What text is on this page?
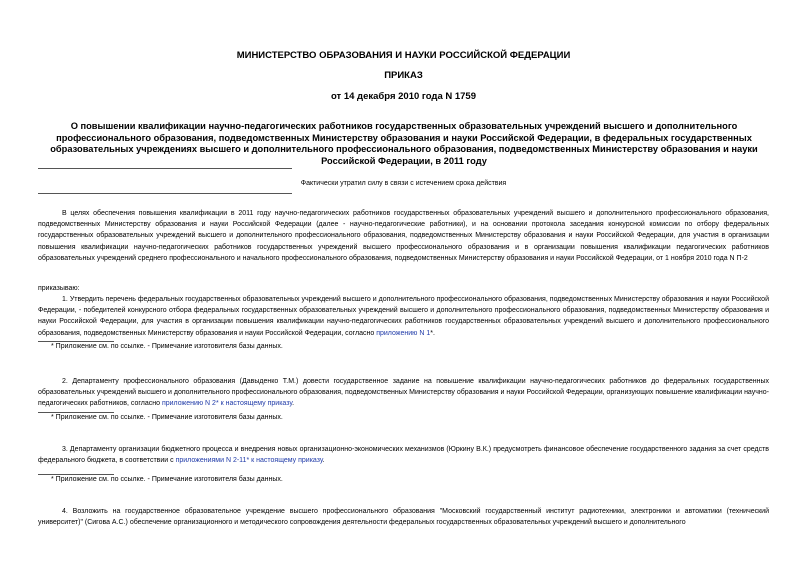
МИНИСТЕРСТВО ОБРАЗОВАНИЯ И НАУКИ РОССИЙСКОЙ ФЕДЕРАЦИИ
ПРИКАЗ
от 14 декабря 2010 года N 1759
О повышении квалификации научно-педагогических работников государственных образовательных учреждений высшего и дополнительного профессионального образования, подведомственных Министерству образования и науки Российской Федерации, в федеральных государственных образовательных учреждениях высшего и дополнительного профессионального образования, подведомственных Министерству образования и науки Российской Федерации, в 2011 году
Фактически утратил силу в связи с истечением срока действия
В целях обеспечения повышения квалификации в 2011 году научно-педагогических работников государственных образовательных учреждений высшего и дополнительного профессионального образования, подведомственных Министерству образования и науки Российской Федерации (далее - научно-педагогические работники), и на основании протокола заседания конкурсной комиссии по отбору федеральных государственных образовательных учреждений высшего и дополнительного профессионального образования, подведомственных Министерству образования и науки Российской Федерации, для участия в организации повышения квалификации научно-педагогических работников государственных учреждений высшего профессионального образования и в организации повышения квалификации педагогических работников образовательных учреждений среднего профессионального и начального профессионального образования, подведомственных Министерству образования и науки Российской Федерации, от 1 ноября 2010 года N П-2
приказываю:
1. Утвердить перечень федеральных государственных образовательных учреждений высшего и дополнительного профессионального образования, подведомственных Министерству образования и науки Российской Федерации, - победителей конкурсного отбора федеральных государственных образовательных учреждений высшего и дополнительного профессионального образования, подведомственных Министерству образования и науки Российской Федерации, для участия в организации повышения квалификации научно-педагогических работников государственных образовательных учреждений высшего и дополнительного профессионального образования, подведомственных Министерству образования и науки Российской Федерации, согласно приложению N 1*.
* Приложение см. по ссылке. - Примечание изготовителя базы данных.
2. Департаменту профессионального образования (Давыденко Т.М.) довести государственное задание на повышение квалификации научно-педагогических работников до федеральных государственных образовательных учреждений высшего и дополнительного профессионального образования, подведомственных Министерству образования и науки Российской Федерации, организующих повышение квалификации научно-педагогических работников, согласно приложению N 2* к настоящему приказу.
* Приложение см. по ссылке. - Примечание изготовителя базы данных.
3. Департаменту организации бюджетного процесса и внедрения новых организационно-экономических механизмов (Юркину В.К.) предусмотреть финансовое обеспечение государственного задания за счет средств федерального бюджета, в соответствии с приложениями N 2-11* к настоящему приказу.
* Приложение см. по ссылке. - Примечание изготовителя базы данных.
4. Возложить на государственное образовательное учреждение высшего профессионального образования "Московский государственный институт радиотехники, электроники и автоматики (технический университет)" (Сигова А.С.) обеспечение организационного и методического сопровождения деятельности федеральных государственных образовательных учреждений высшего и дополнительного
